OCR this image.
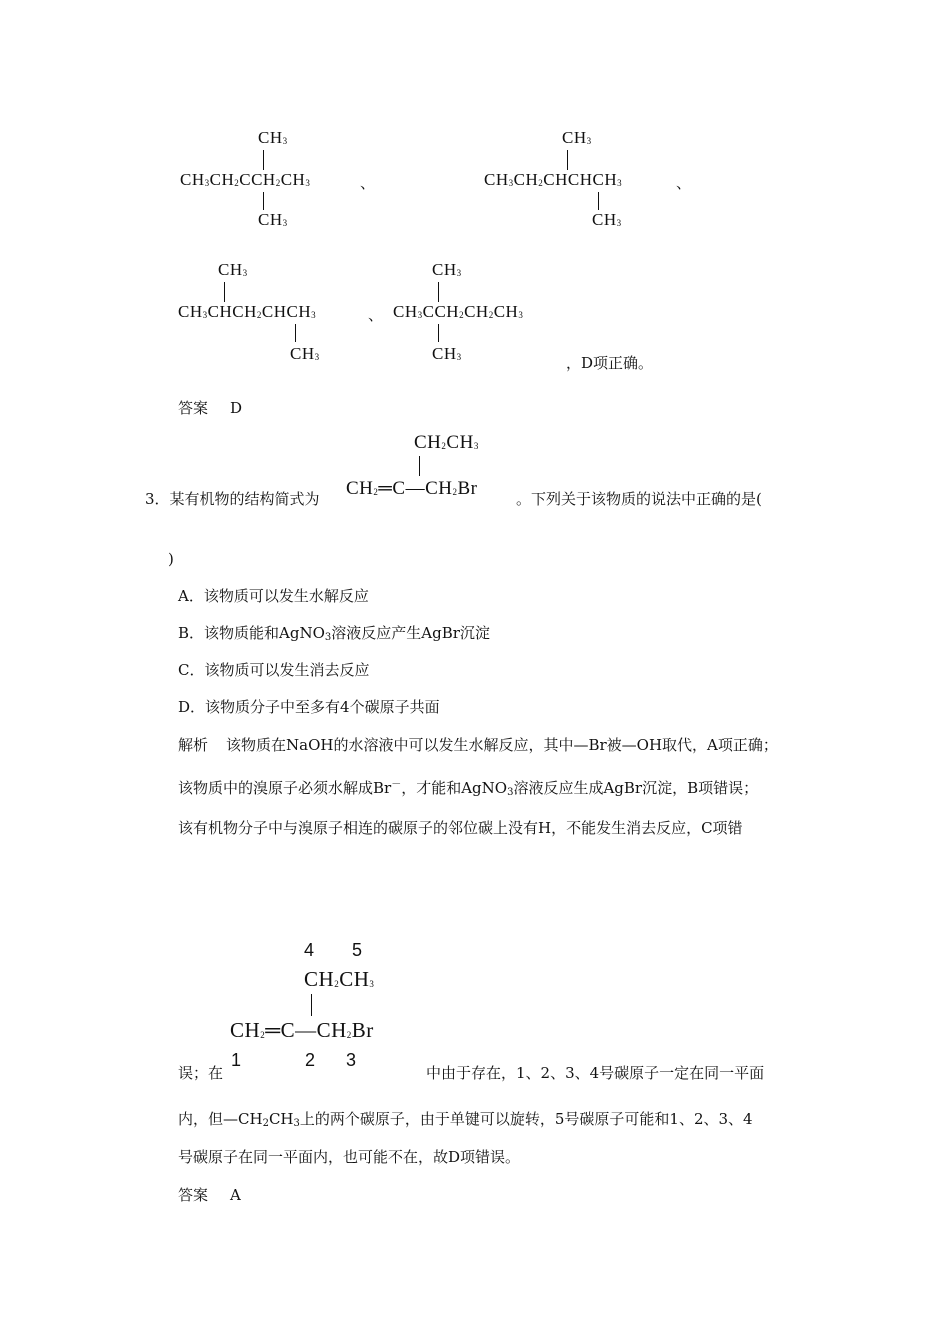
$CH_3$
$CH_3CH_2CCH_2CH_3$
$CH_3$
、
$CH_3$
$CH_3CH_2CHCHCH_3$
$CH_3$
、
$CH_3$
$CH_3CHCH_2CHCH_3$
$CH_3$
、
$CH_3$
$CH_3CCH_2CH_2CH_3$
$CH_3$	，D项正确。
答案 D
$CH_2CH_3$
$CH_2═C—CH_2Br$
3．某有机物的结构简式为	。下列关于该物质的说法中正确的是(
)
A．该物质可以发生水解反应
B．该物质能和AgNO$_3$溶液反应产生AgBr沉淀
C．该物质可以发生消去反应
D．该物质分子中至多有4个碳原子共面
解析 该物质在NaOH的水溶液中可以发生水解反应，其中—Br被—OH取代，A项正确；
该物质中的溴原子必须水解成Br－，才能和AgNO$_3$溶液反应生成AgBr沉淀，B项错误；
该有机物分子中与溴原子相连的碳原子的邻位碳上没有H，不能发生消去反应，C项错
4 5
$CH_2CH_3$
$CH_2═C—CH_2Br$
1	2 3
误；在	中由于存在，1、2、3、4号碳原子一定在同一平面
内，但$—CH_2CH_3$上的两个碳原子，由于单键可以旋转，5号碳原子可能和1、2、3、4
号碳原子在同一平面内，也可能不在，故D项错误。
答案 A
